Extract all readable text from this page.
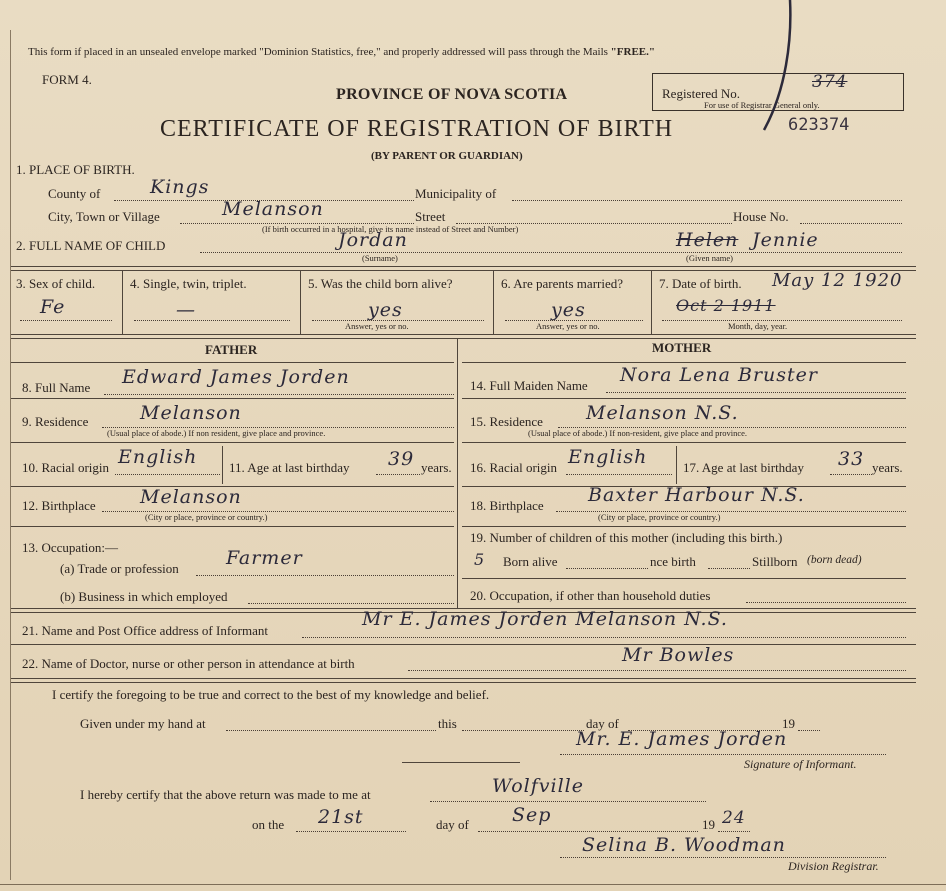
This form if placed in an unsealed envelope marked "Dominion Statistics, free," and properly addressed will pass through the Mails "FREE."
FORM 4.
PROVINCE OF NOVA SCOTIA
CERTIFICATE OF REGISTRATION OF BIRTH
(BY PARENT OR GUARDIAN)
Registered No.
374
For use of Registrar General only.
623374
1. PLACE OF BIRTH.
County of	Kings	Municipality of
City, Town or Village	Melanson	Street	House No.
(If birth occurred in a hospital, give its name instead of Street and Number)
2. FULL NAME OF CHILD	Jordan
(Surname)
Helen Jennie
(Given name)
3. Sex of child.
Fe
4. Single, twin, triplet.
—
5. Was the child born alive?
yes
Answer, yes or no.
6. Are parents married?
yes
Answer, yes or no.
7. Date of birth. May 12 1920
Oct 2 1911
Month, day, year.
FATHER	MOTHER
8. Full Name Edward James Jorden
9. Residence	Melanson
(Usual place of abode.) If non resident, give place and province.
10. Racial origin English 11. Age at last birthday 39 years.
12. Birthplace Melanson
(City or place, province or country.)
13. Occupation:—
(a) Trade or profession Farmer
(b) Business in which employed
14. Full Maiden Name Nora Lena Bruster
15. Residence Melanson N.S.
(Usual place of abode.) If non-resident, give place and province.
16. Racial origin English	17. Age at last birthday 33 years.
18. Birthplace Baxter Harbour N.S.
(City or place, province or country.)
19. Number of children of this mother (including this birth.)
5 Born alive	nce birth	Stillborn (born dead)
20. Occupation, if other than household duties
21. Name and Post Office address of Informant
Mr E. James Jorden Melanson N.S.
22. Name of Doctor, nurse or other person in attendance at birth	Mr Bowles
I certify the foregoing to be true and correct to the best of my knowledge and belief.
Given under my hand at	this	day of	19
Mr. E. James Jorden
Signature of Informant.
I hereby certify that the above return was made to me at	Wolfville
on the 21st	day of Sep	19 24
Selina B. Woodman
Division Registrar.
